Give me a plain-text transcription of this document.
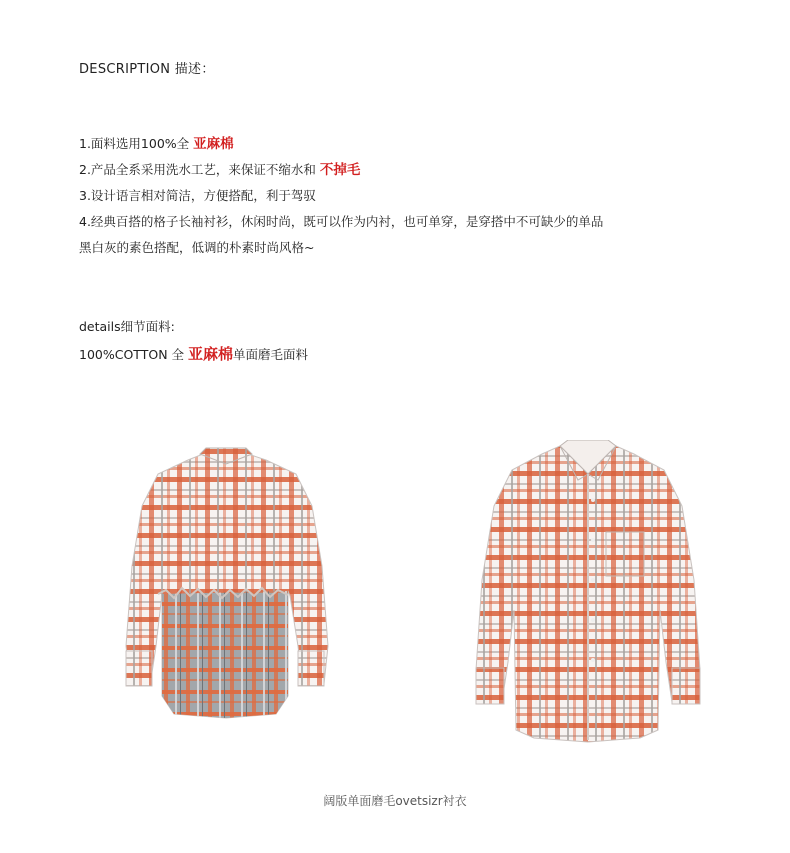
DESCRIPTION 描述：
1.面料选用100%全 亚麻棉
2.产品全系采用洗水工艺，来保证不缩水和 不掉毛
3.设计语言相对简洁，方便搭配，利于驾驭
4.经典百搭的格子长袖衬衫，休闲时尚，既可以作为内衬，也可单穿，是穿搭中不可缺少的单品
黑白灰的素色搭配，低调的朴素时尚风格~
details细节面料:
100%COTTON 全 亚麻棉单面磨毛面料
阔版单面磨毛ovetsizr衬衣
